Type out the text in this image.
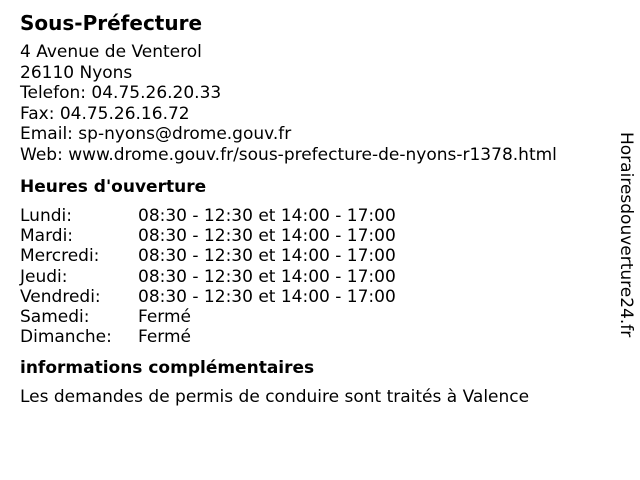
Sous-Préfecture
4 Avenue de Venterol
26110 Nyons
Telefon: 04.75.26.20.33
Fax: 04.75.26.16.72
Email: sp-nyons@drome.gouv.fr
Web: www.drome.gouv.fr/sous-prefecture-de-nyons-r1378.html
Heures d'ouverture
Lundi:	08:30 - 12:30 et 14:00 - 17:00
Mardi:	08:30 - 12:30 et 14:00 - 17:00
Mercredi:	08:30 - 12:30 et 14:00 - 17:00
Jeudi:	08:30 - 12:30 et 14:00 - 17:00
Vendredi:	08:30 - 12:30 et 14:00 - 17:00
Samedi:	Fermé
Dimanche:	Fermé
informations complémentaires
Les demandes de permis de conduire sont traités à Valence
Horairesdouverture24.fr
